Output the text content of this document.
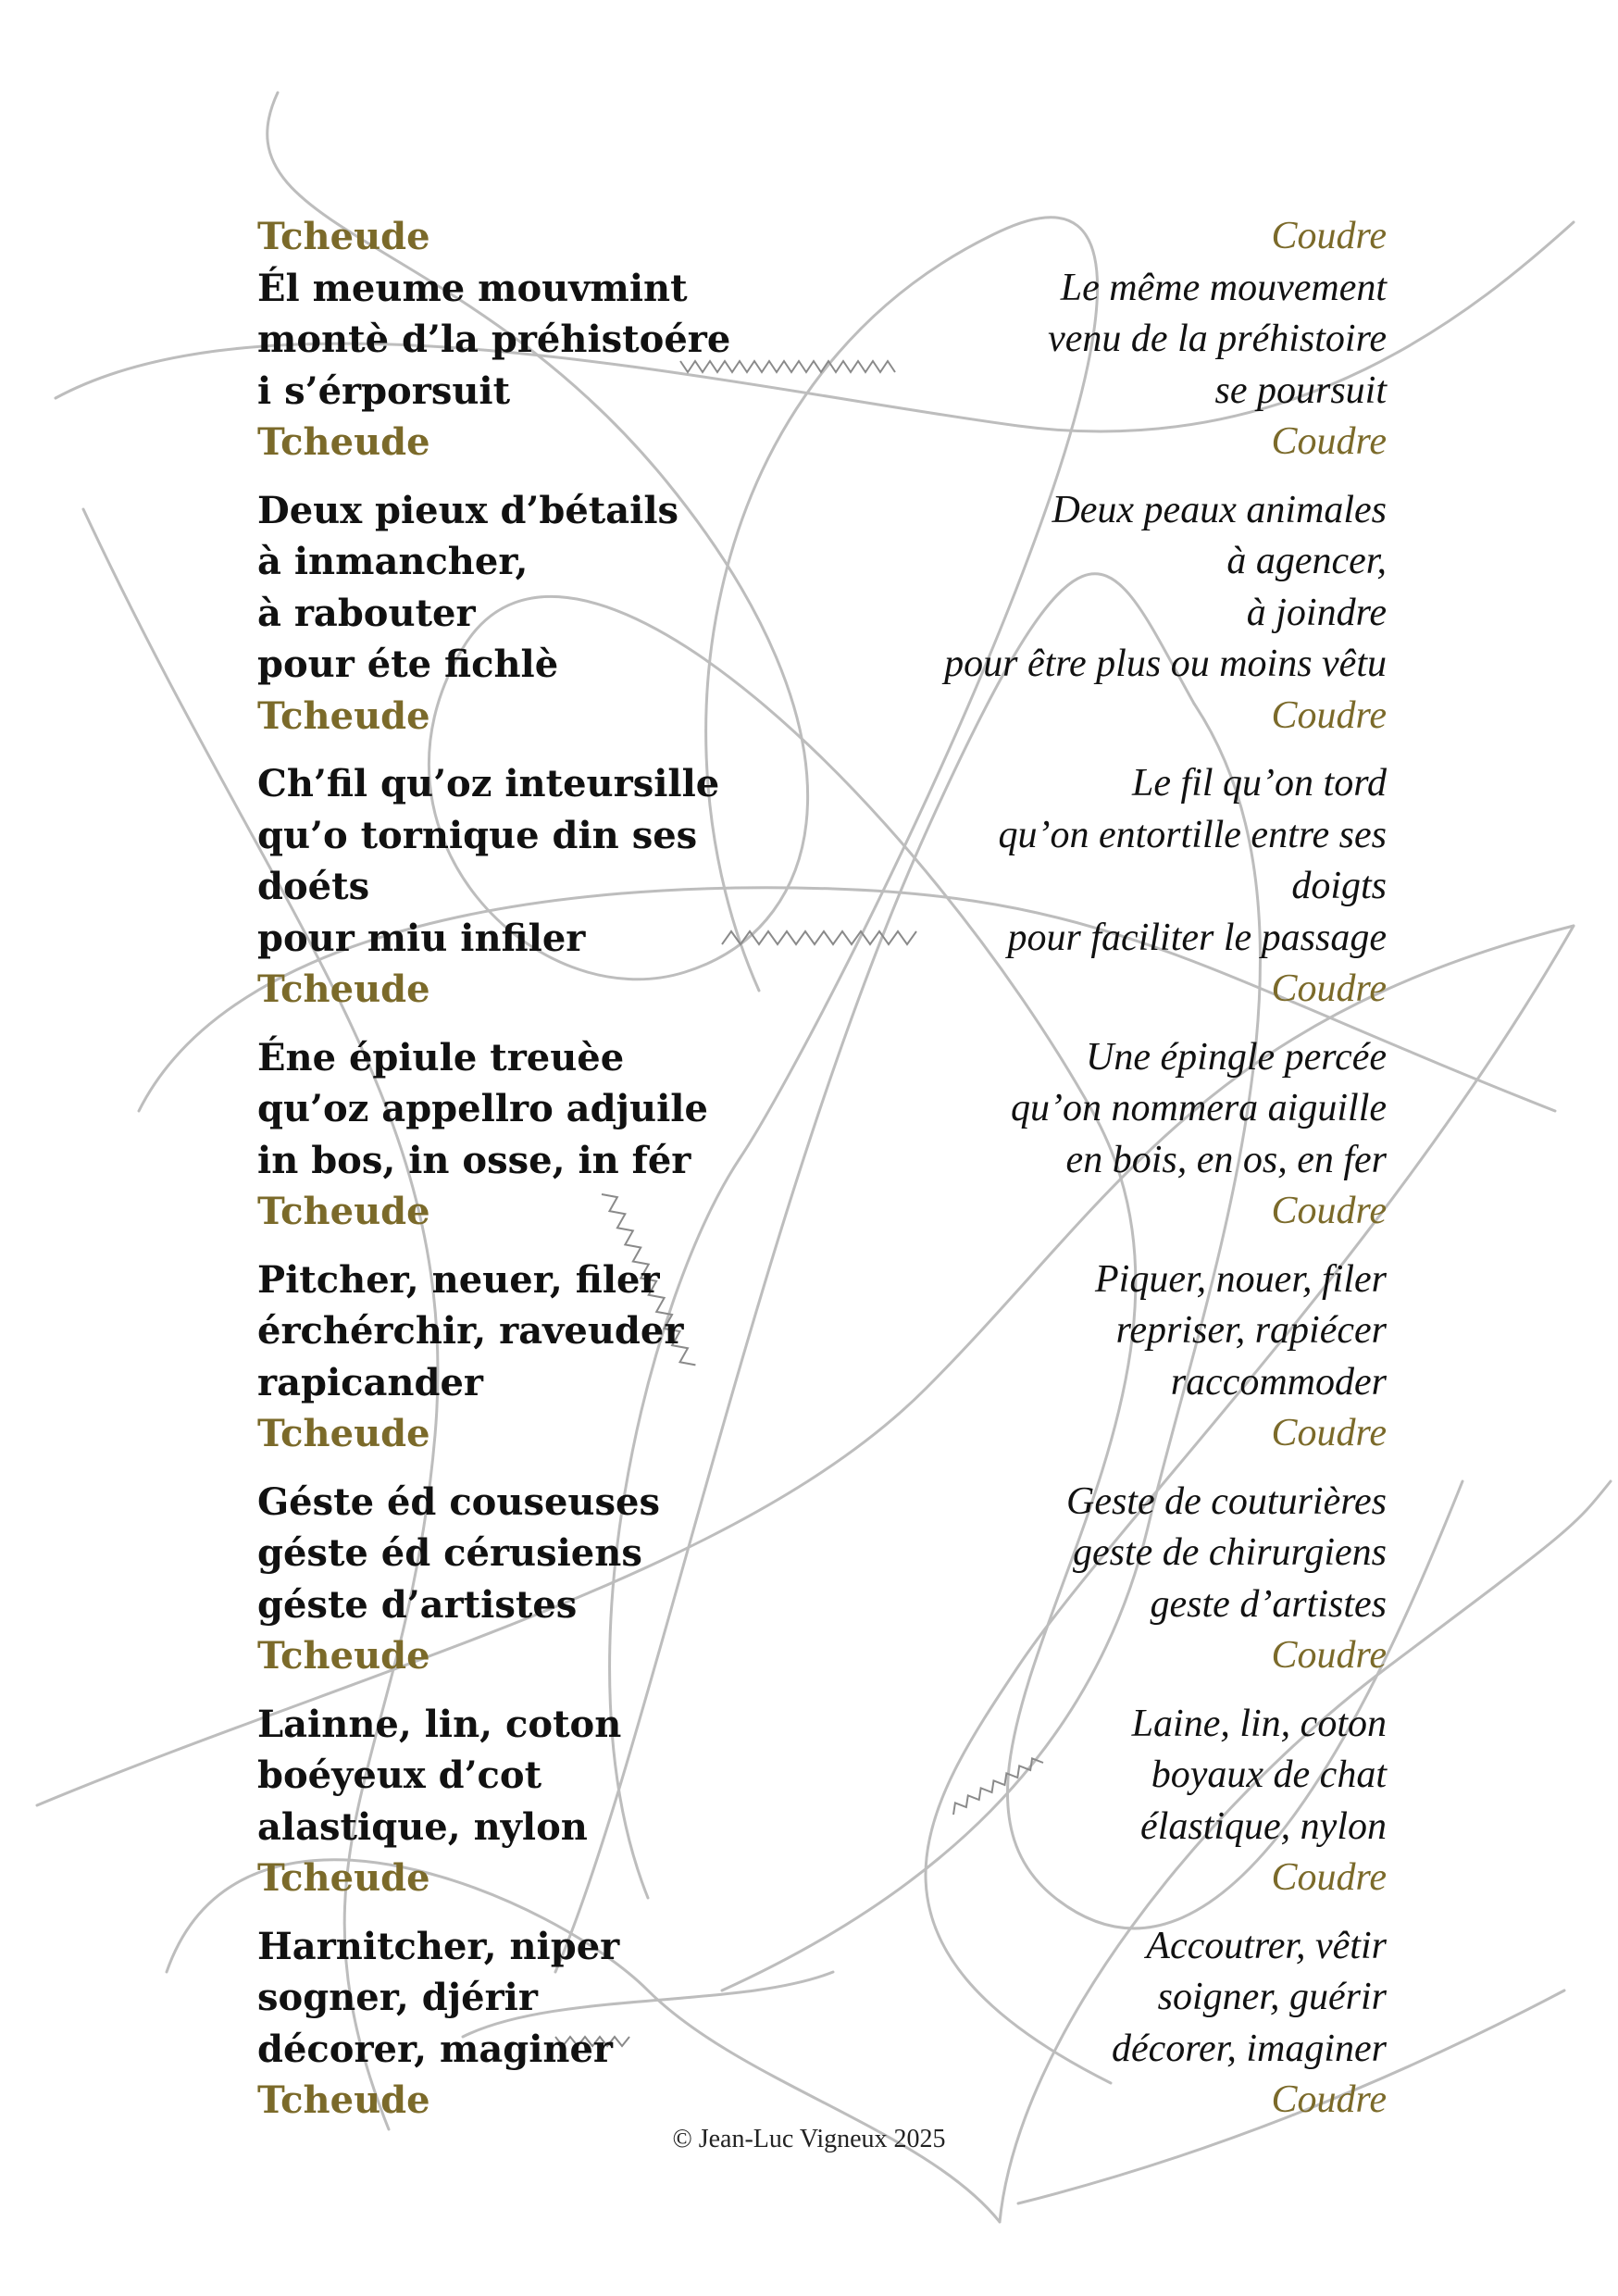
Tcheude
Él meume mouvmint
montè d’la préhistoére
i s’érporsuit
Tcheude
Deux pieux d’bétails
à inmancher,
à rabouter
pour éte fichlè
Tcheude
Ch’fil qu’oz inteursille
qu’o tornique din ses
doéts
pour miu infiler
Tcheude
Éne épiule treuèe
qu’oz appellro adjuile
in bos, in osse, in fér
Tcheude
Pitcher, neuer, filer
érchérchir, raveuder
rapicander
Tcheude
Géste éd couseuses
géste éd cérusiens
géste d’artistes
Tcheude
Lainne, lin, coton
boéyeux d’cot
alastique, nylon
Tcheude
Harnitcher, niper
sogner, djérir
décorer, maginer
Tcheude
Coudre
Le même mouvement
venu de la préhistoire
se poursuit
Coudre
Deux peaux animales
à agencer,
à joindre
pour être plus ou moins vêtu
Coudre
Le fil qu’on tord
qu’on entortille entre ses
doigts
pour faciliter le passage
Coudre
Une épingle percée
qu’on nommera aiguille
en bois, en os, en fer
Coudre
Piquer, nouer, filer
repriser, rapiécer
raccommoder
Coudre
Geste de couturières
geste de chirurgiens
geste d’artistes
Coudre
Laine, lin, coton
boyaux de chat
élastique, nylon
Coudre
Accoutrer, vêtir
soigner, guérir
décorer, imaginer
Coudre
© Jean-Luc Vigneux 2025
